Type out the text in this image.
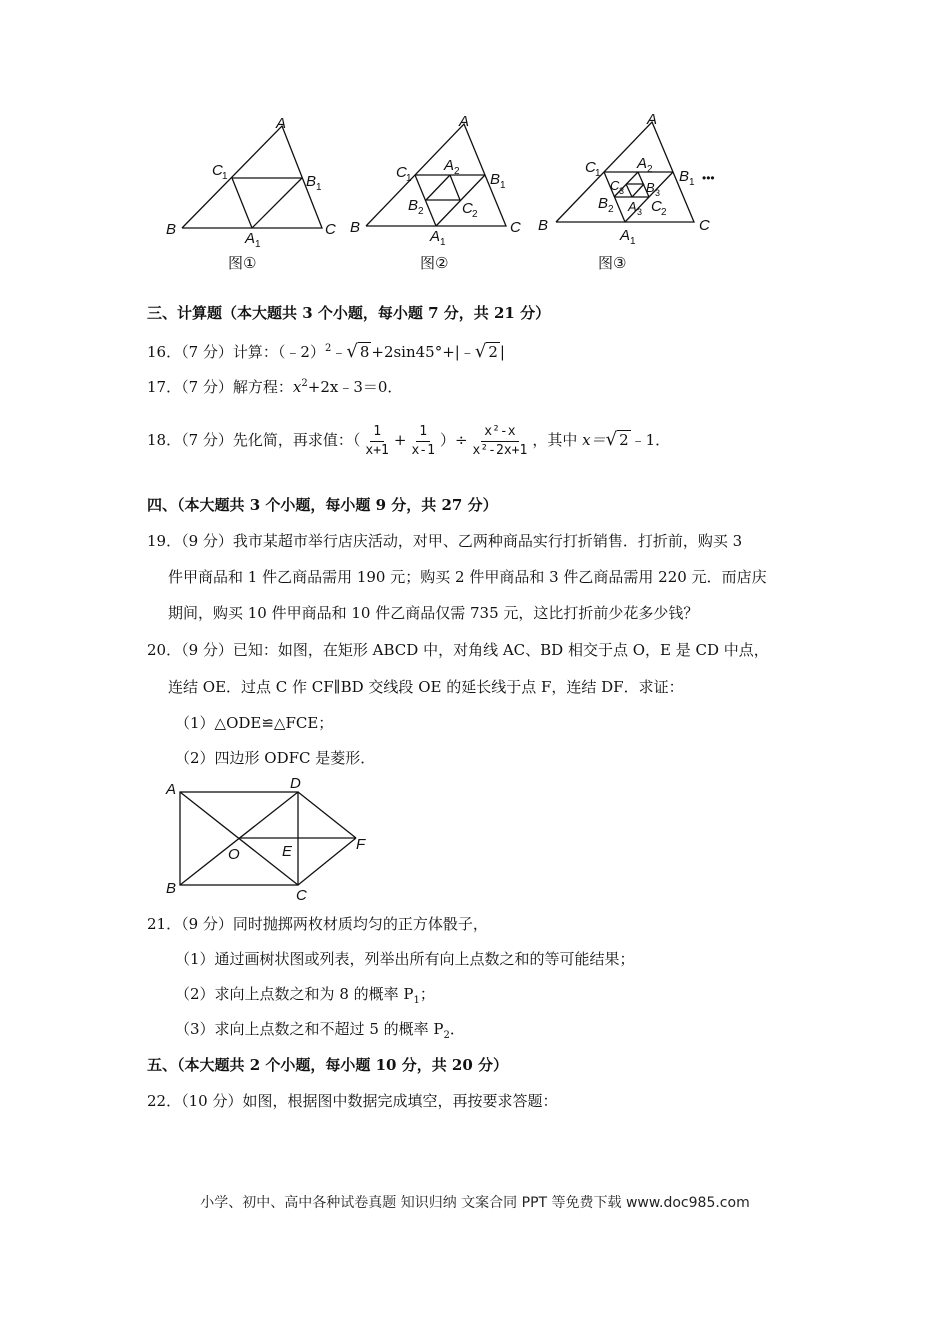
A
B	C
C 1	B 1
A 1
图①
A
B	C
C 1	B 1
A 1
A 2
B 2	C 2
图②
A
B	C
C 1	B 1 •••
A 1
A 2
B 2 C 2
C 3 B 3
A 3
图③
三、计算题（本大题共 3 个小题，每小题 7 分，共 21 分）
16．（7 分）计算：（﹣2）$^2$﹣ √ 8 +2sin45°+|﹣ √ 2 |
17．（7 分）解方程：$x^2+2x﹣3=0$．
18．（7 分）先化简，再求值：（ $\frac{1}{x+1} + \frac{1}{x-1}$ ）÷ $\frac{\text{x²-x}}{\text{x²-2x+1}}$ ，其中 x＝ √ 2 ﹣1．
四、（本大题共 3 个小题，每小题 9 分，共 27 分）
19．（9 分）我市某超市举行店庆活动，对甲、乙两种商品实行打折销售．打折前，购买 3
件甲商品和 1 件乙商品需用 190 元；购买 2 件甲商品和 3 件乙商品需用 220 元．而店庆
期间，购买 10 件甲商品和 10 件乙商品仅需 735 元，这比打折前少花多少钱？
20．（9 分）已知：如图，在矩形 ABCD 中，对角线 AC、BD 相交于点 O，E 是 CD 中点，
连结 OE．过点 C 作 CF∥BD 交线段 OE 的延长线于点 F，连结 DF．求证：
（1）△ODE≌△FCE；
（2）四边形 ODFC 是菱形．
A
B	C
D
O	E	F
21．（9 分）同时抛掷两枚材质均匀的正方体骰子，
（1）通过画树状图或列表，列举出所有向上点数之和的等可能结果；
（2）求向上点数之和为 8 的概率 $P_1$；
（3）求向上点数之和不超过 5 的概率 $P_2$．
五、（本大题共 2 个小题，每小题 10 分，共 20 分）
22．（10 分）如图，根据图中数据完成填空，再按要求答题：
小学、初中、高中各种试卷真题 知识归纳 文案合同 PPT 等免费下载 www.doc985.com
